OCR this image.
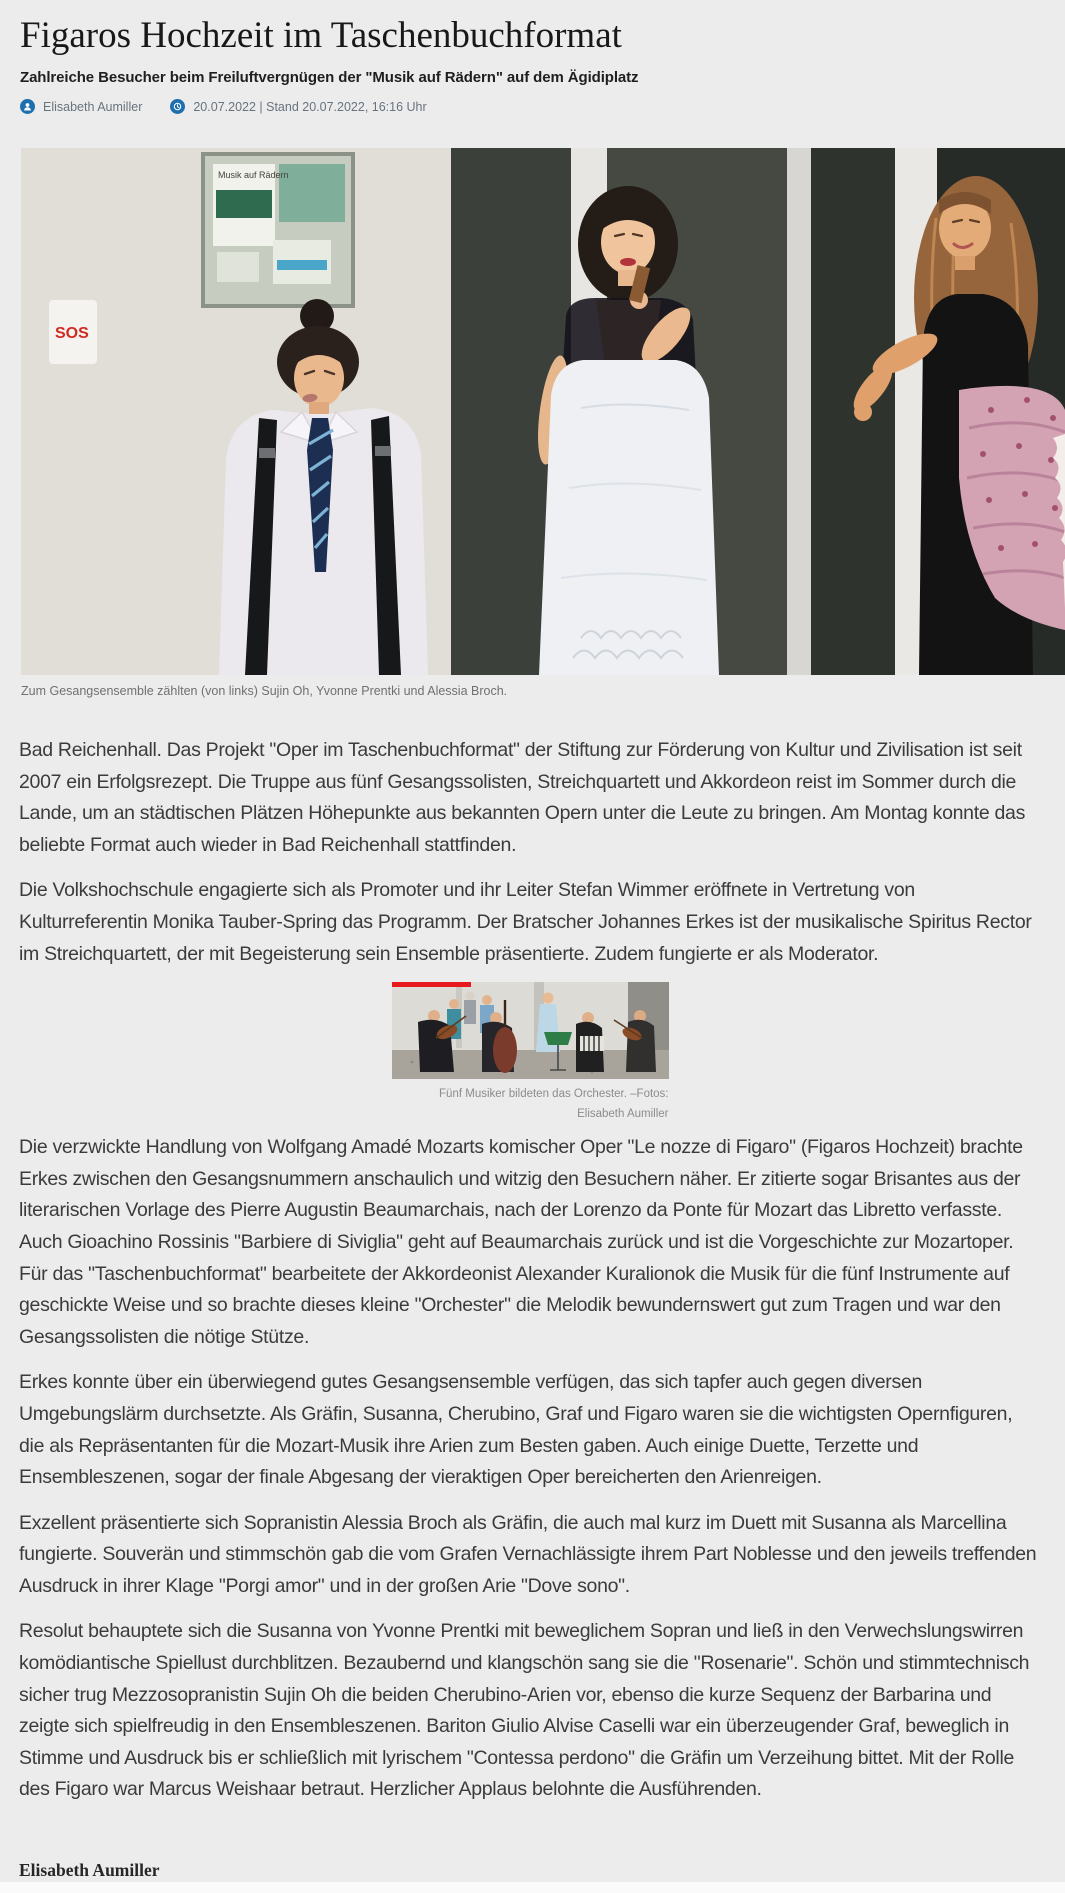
Figaros Hochzeit im Taschenbuchformat
Zahlreiche Besucher beim Freiluftvergnügen der "Musik auf Rädern" auf dem Ägidiplatz
Elisabeth Aumiller	20.07.2022 | Stand 20.07.2022, 16:16 Uhr
Musik auf Rädern
SOS
Zum Gesangsensemble zählten (von links) Sujin Oh, Yvonne Prentki und Alessia Broch.

Bad Reichenhall. Das Projekt "Oper im Taschenbuchformat" der Stiftung zur Förderung von Kultur und Zivilisation ist seit 2007 ein Erfolgsrezept. Die Truppe aus fünf Gesangssolisten, Streichquartett und Akkordeon reist im Sommer durch die Lande, um an städtischen Plätzen Höhepunkte aus bekannten Opern unter die Leute zu bringen. Am Montag konnte das beliebte Format auch wieder in Bad Reichenhall stattfinden.

Die Volkshochschule engagierte sich als Promoter und ihr Leiter Stefan Wimmer eröffnete in Vertretung von Kulturreferentin Monika Tauber-Spring das Programm. Der Bratscher Johannes Erkes ist der musikalische Spiritus Rector im Streichquartett, der mit Begeisterung sein Ensemble präsentierte. Zudem fungierte er als Moderator.

Fünf Musiker bildeten das Orchester. –Fotos: Elisabeth Aumiller

Die verzwickte Handlung von Wolfgang Amadé Mozarts komischer Oper "Le nozze di Figaro" (Figaros Hochzeit) brachte Erkes zwischen den Gesangsnummern anschaulich und witzig den Besuchern näher. Er zitierte sogar Brisantes aus der literarischen Vorlage des Pierre Augustin Beaumarchais, nach der Lorenzo da Ponte für Mozart das Libretto verfasste. Auch Gioachino Rossinis "Barbiere di Siviglia" geht auf Beaumarchais zurück und ist die Vorgeschichte zur Mozartoper. Für das "Taschenbuchformat" bearbeitete der Akkordeonist Alexander Kuralionok die Musik für die fünf Instrumente auf geschickte Weise und so brachte dieses kleine "Orchester" die Melodik bewundernswert gut zum Tragen und war den Gesangssolisten die nötige Stütze.

Erkes konnte über ein überwiegend gutes Gesangsensemble verfügen, das sich tapfer auch gegen diversen Umgebungslärm durchsetzte. Als Gräfin, Susanna, Cherubino, Graf und Figaro waren sie die wichtigsten Opernfiguren, die als Repräsentanten für die Mozart-Musik ihre Arien zum Besten gaben. Auch einige Duette, Terzette und Ensembleszenen, sogar der finale Abgesang der vieraktigen Oper bereicherten den Arienreigen.

Exzellent präsentierte sich Sopranistin Alessia Broch als Gräfin, die auch mal kurz im Duett mit Susanna als Marcellina fungierte. Souverän und stimmschön gab die vom Grafen Vernachlässigte ihrem Part Noblesse und den jeweils treffenden Ausdruck in ihrer Klage "Porgi amor" und in der großen Arie "Dove sono".

Resolut behauptete sich die Susanna von Yvonne Prentki mit beweglichem Sopran und ließ in den Verwechslungswirren komödiantische Spiellust durchblitzen. Bezaubernd und klangschön sang sie die "Rosenarie". Schön und stimmtechnisch sicher trug Mezzosopranistin Sujin Oh die beiden Cherubino-Arien vor, ebenso die kurze Sequenz der Barbarina und zeigte sich spielfreudig in den Ensembleszenen. Bariton Giulio Alvise Caselli war ein überzeugender Graf, beweglich in Stimme und Ausdruck bis er schließlich mit lyrischem "Contessa perdono" die Gräfin um Verzeihung bittet. Mit der Rolle des Figaro war Marcus Weishaar betraut. Herzlicher Applaus belohnte die Ausführenden.

Elisabeth Aumiller
